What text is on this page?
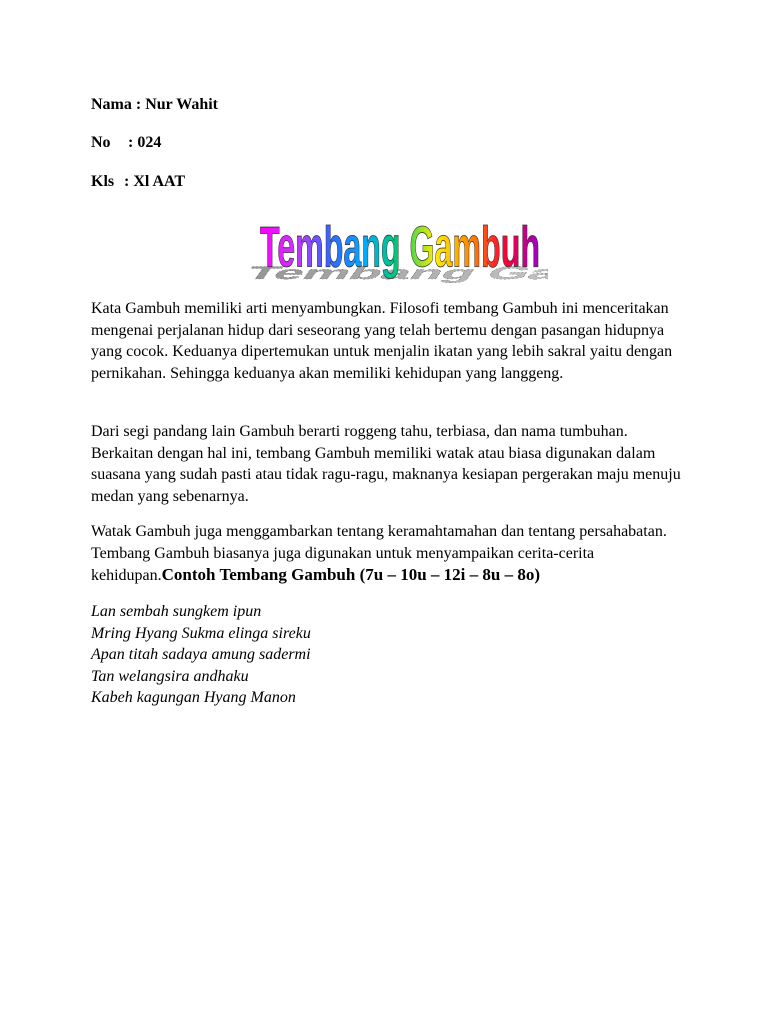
Nama : Nur Wahit
No : 024
Kls : Xl AAT
Tembang Gambuh
Tembang Gambuh
Kata Gambuh memiliki arti menyambungkan. Filosofi tembang Gambuh ini menceritakan mengenai perjalanan hidup dari seseorang yang telah bertemu dengan pasangan hidupnya yang cocok. Keduanya dipertemukan untuk menjalin ikatan yang lebih sakral yaitu dengan pernikahan. Sehingga keduanya akan memiliki kehidupan yang langgeng.
Dari segi pandang lain Gambuh berarti roggeng tahu, terbiasa, dan nama tumbuhan. Berkaitan dengan hal ini, tembang Gambuh memiliki watak atau biasa digunakan dalam suasana yang sudah pasti atau tidak ragu-ragu, maknanya kesiapan pergerakan maju menuju medan yang sebenarnya.
Watak Gambuh juga menggambarkan tentang keramahtamahan dan tentang persahabatan. Tembang Gambuh biasanya juga digunakan untuk menyampaikan cerita-cerita kehidupan.Contoh Tembang Gambuh (7u – 10u – 12i – 8u – 8o)
Lan sembah sungkem ipun
Mring Hyang Sukma elinga sireku
Apan titah sadaya amung sadermi
Tan welangsira andhaku
Kabeh kagungan Hyang Manon
